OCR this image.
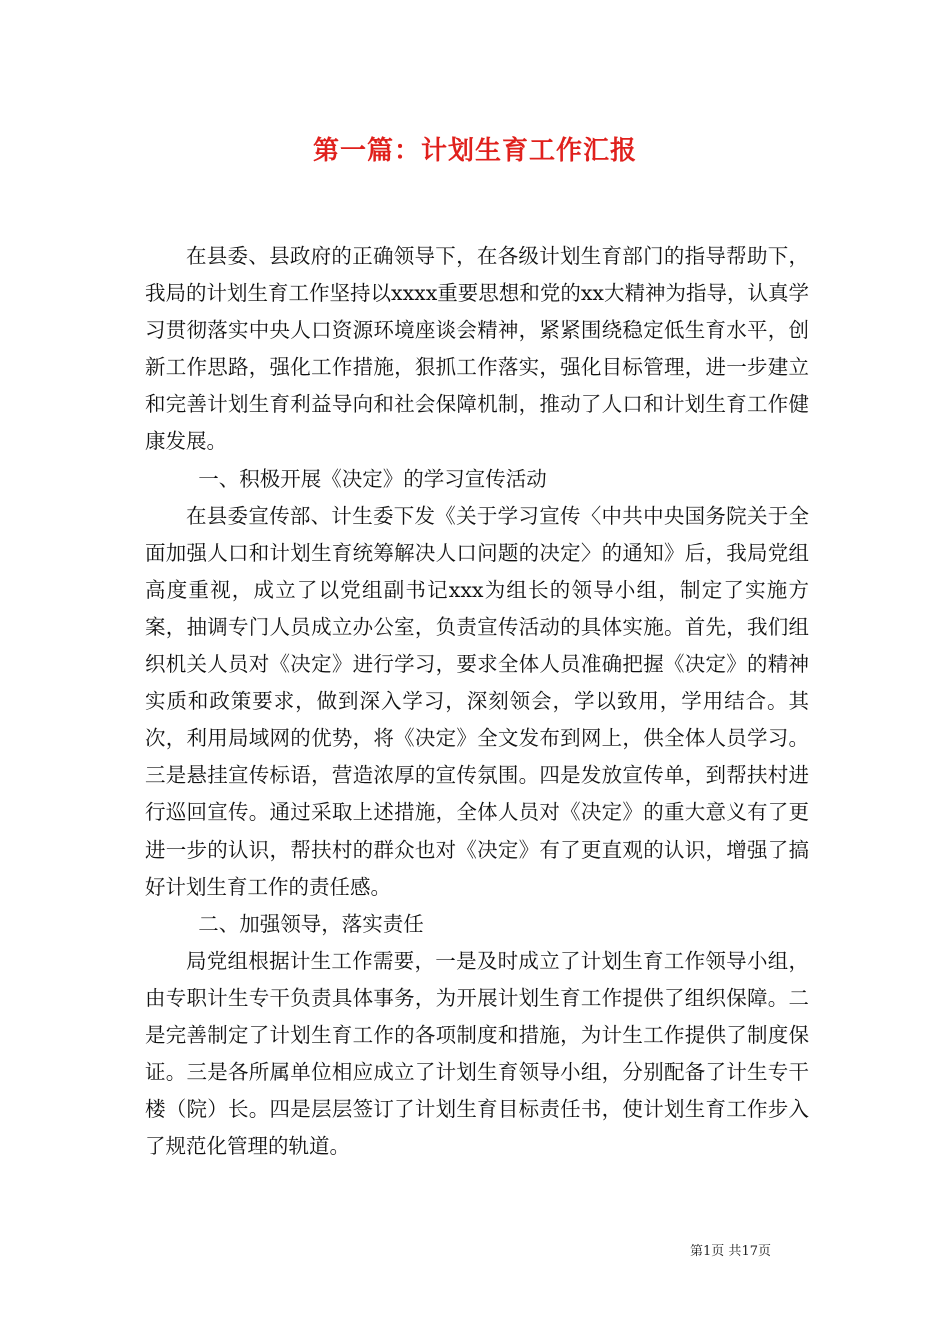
第一篇：计划生育工作汇报

在县委、县政府的正确领导下，在各级计划生育部门的指导帮助下，我局的计划生育工作坚持以xxxx重要思想和党的xx大精神为指导，认真学习贯彻落实中央人口资源环境座谈会精神，紧紧围绕稳定低生育水平，创新工作思路，强化工作措施，狠抓工作落实，强化目标管理，进一步建立和完善计划生育利益导向和社会保障机制，推动了人口和计划生育工作健康发展。

一、积极开展《决定》的学习宣传活动

在县委宣传部、计生委下发《关于学习宣传〈中共中央国务院关于全面加强人口和计划生育统筹解决人口问题的决定〉的通知》后，我局党组高度重视，成立了以党组副书记xxx为组长的领导小组，制定了实施方案，抽调专门人员成立办公室，负责宣传活动的具体实施。首先，我们组织机关人员对《决定》进行学习，要求全体人员准确把握《决定》的精神实质和政策要求，做到深入学习，深刻领会，学以致用，学用结合。其次，利用局域网的优势，将《决定》全文发布到网上，供全体人员学习。三是悬挂宣传标语，营造浓厚的宣传氛围。四是发放宣传单，到帮扶村进行巡回宣传。通过采取上述措施，全体人员对《决定》的重大意义有了更进一步的认识，帮扶村的群众也对《决定》有了更直观的认识，增强了搞好计划生育工作的责任感。

二、加强领导，落实责任

局党组根据计生工作需要，一是及时成立了计划生育工作领导小组，由专职计生专干负责具体事务，为开展计划生育工作提供了组织保障。二是完善制定了计划生育工作的各项制度和措施，为计生工作提供了制度保证。三是各所属单位相应成立了计划生育领导小组，分别配备了计生专干楼（院）长。四是层层签订了计划生育目标责任书，使计划生育工作步入了规范化管理的轨道。

第1页 共17页
